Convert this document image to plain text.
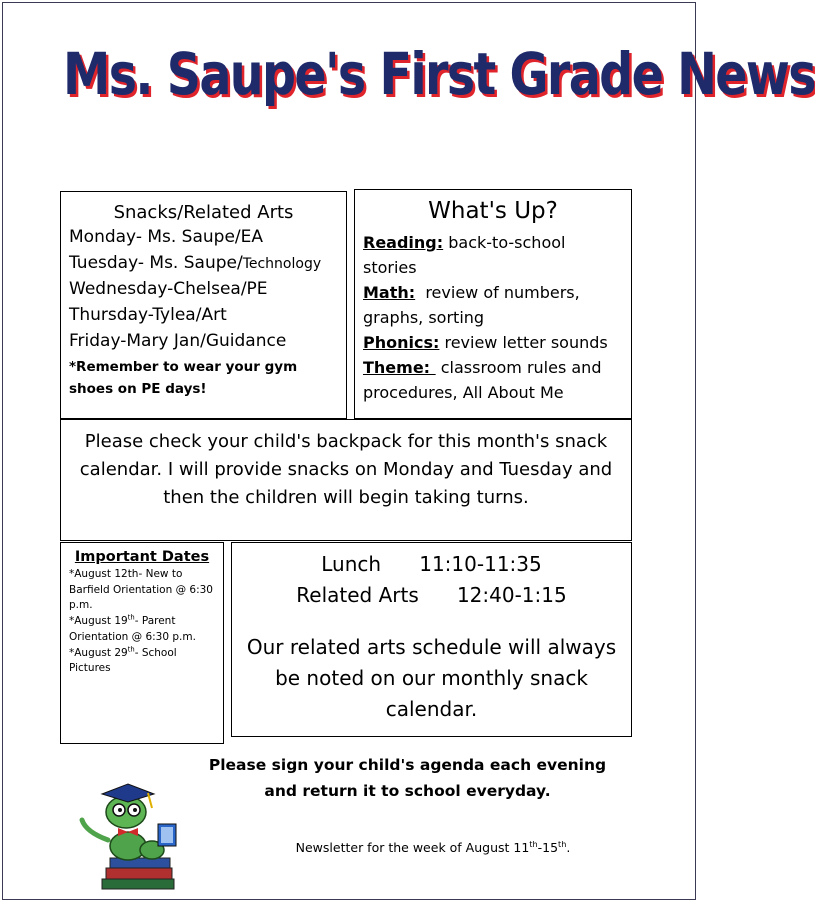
Ms. Saupe's First Grade News
Snacks/Related Arts
Monday- Ms. Saupe/EA
Tuesday- Ms. Saupe/Technology
Wednesday-Chelsea/PE
Thursday-Tylea/Art
Friday-Mary Jan/Guidance
*Remember to wear your gym shoes on PE days!
What's Up?
Reading: back-to-school stories
Math:  review of numbers, graphs, sorting
Phonics: review letter sounds
Theme:  classroom rules and procedures, All About Me
Please check your child's backpack for this month's snack calendar. I will provide snacks on Monday and Tuesday and then the children will begin taking turns.
Important Dates
*August 12th- New to Barfield Orientation @ 6:30 p.m.
*August 19th- Parent Orientation @ 6:30 p.m.
*August 29th- School Pictures
Lunch 11:10-11:35
Related Arts 12:40-1:15
Our related arts schedule will always be noted on our monthly snack calendar.
Please sign your child's agenda each evening and return it to school everyday.
Newsletter for the week of August 11th-15th.
